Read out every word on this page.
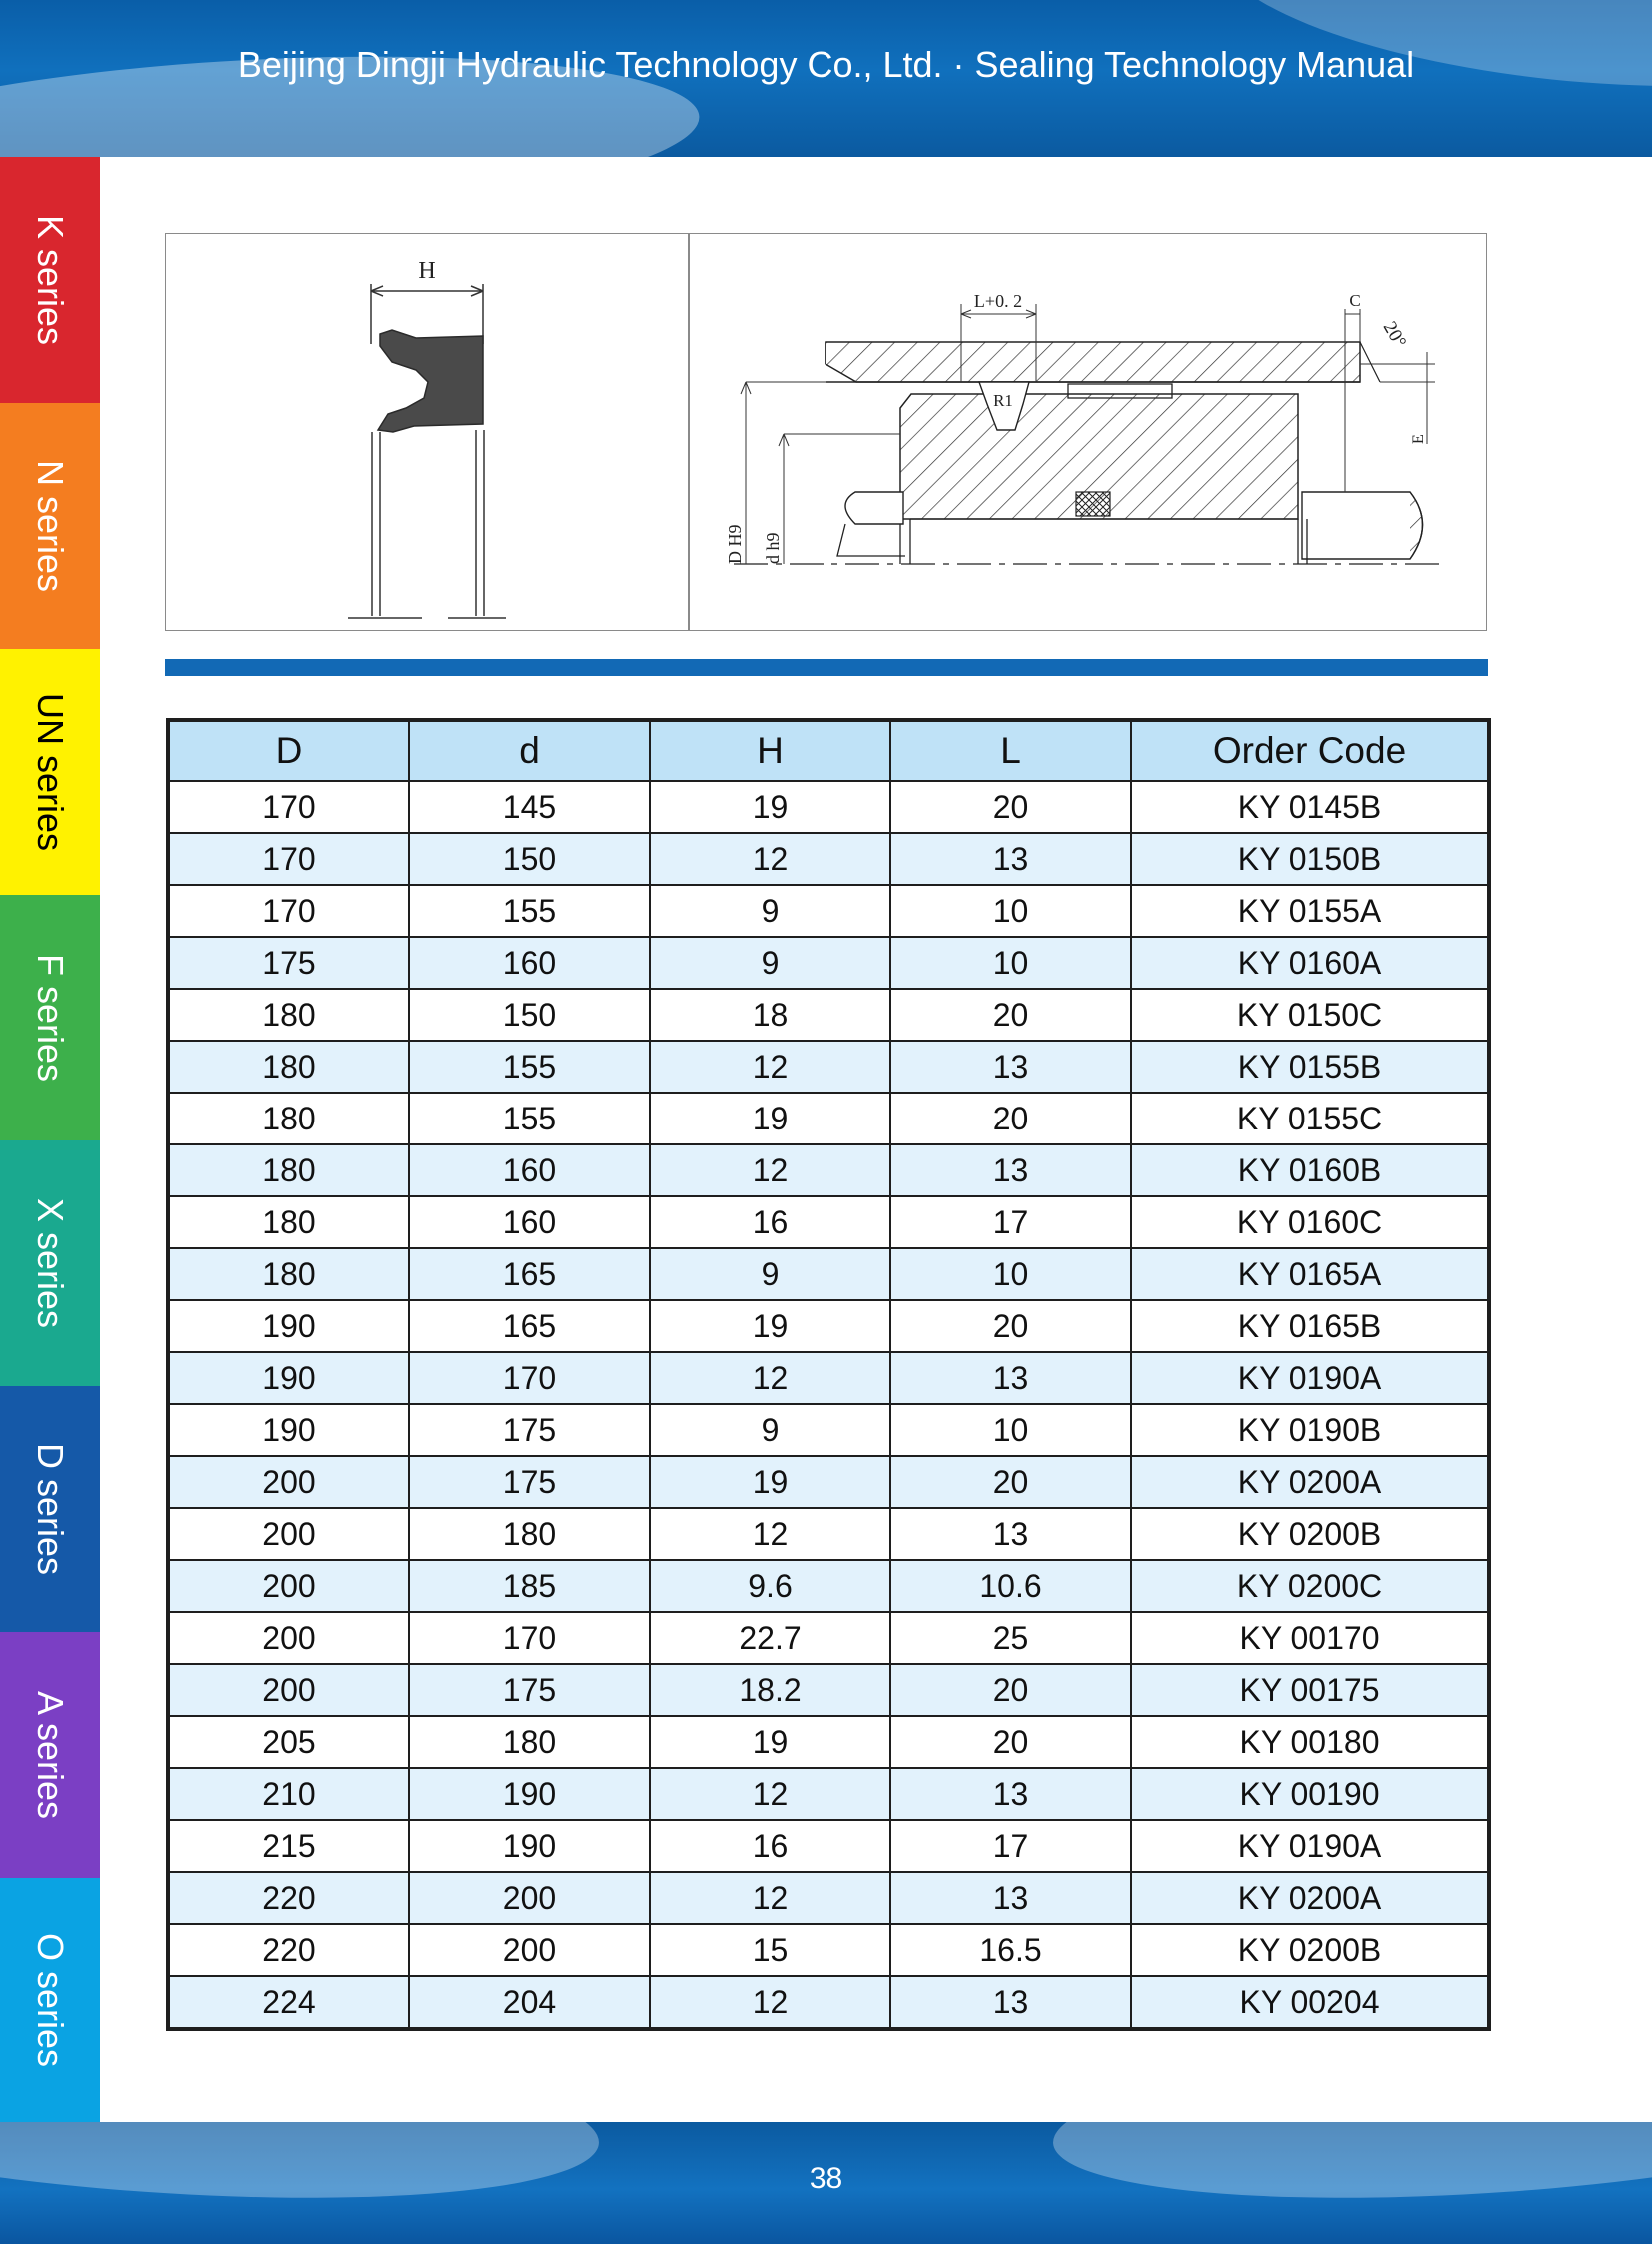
Beijing Dingji Hydraulic Technology Co., Ltd. · Sealing Technology Manual
K series
N series
UN series
F series
X series
D series
A series
O series
H
D H9 d h9
L+0. 2
R1
C
20°
E
D	d	H	L	Order Code
170	145	19	20	KY 0145B
170	150	12	13	KY 0150B
170	155	9	10	KY 0155A
175	160	9	10	KY 0160A
180	150	18	20	KY 0150C
180	155	12	13	KY 0155B
180	155	19	20	KY 0155C
180	160	12	13	KY 0160B
180	160	16	17	KY 0160C
180	165	9	10	KY 0165A
190	165	19	20	KY 0165B
190	170	12	13	KY 0190A
190	175	9	10	KY 0190B
200	175	19	20	KY 0200A
200	180	12	13	KY 0200B
200	185	9.6	10.6	KY 0200C
200	170	22.7	25	KY 00170
200	175	18.2	20	KY 00175
205	180	19	20	KY 00180
210	190	12	13	KY 00190
215	190	16	17	KY 0190A
220	200	12	13	KY 0200A
220	200	15	16.5	KY 0200B
224	204	12	13	KY 00204
38
